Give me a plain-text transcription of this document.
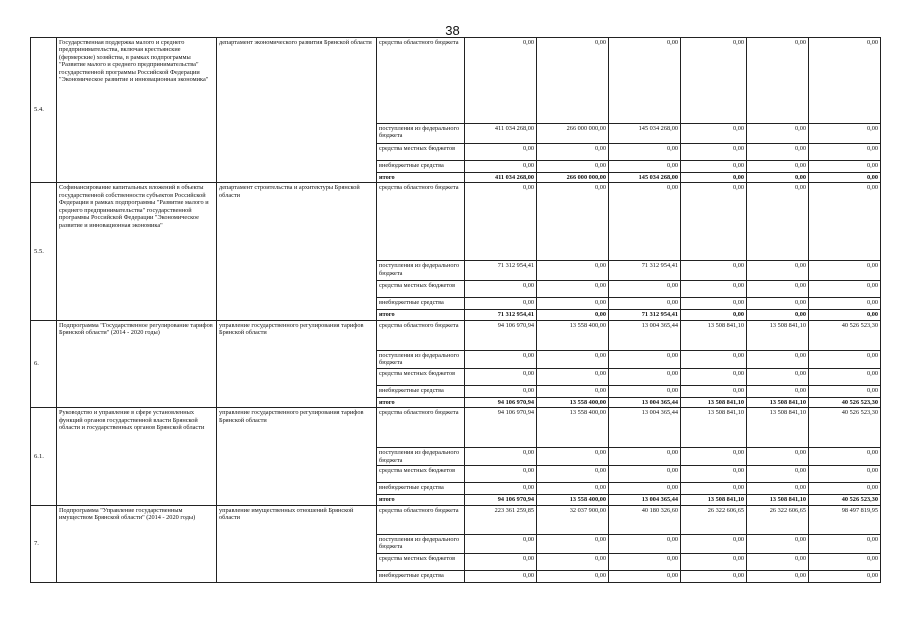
38
5.4.	Государственная поддержка малого и среднего предпринимательства, включая крестьянские (фермерские) хозяйства, в рамках подпрограммы "Развитие малого и среднего предпринимательства" государственной программы Российской Федерации "Экономическое развитие и инновационная экономика"	департамент экономического развития Брянской области	средства областного бюджета	0,00	0,00	0,00	0,00	0,00	0,00
			поступления из федерального бюджета	411 034 268,00	266 000 000,00	145 034 268,00	0,00	0,00	0,00
			средства местных бюджетов	0,00	0,00	0,00	0,00	0,00	0,00
			внебюджетные средства	0,00	0,00	0,00	0,00	0,00	0,00
			итого	411 034 268,00	266 000 000,00	145 034 268,00	0,00	0,00	0,00
5.5.	Софинансирование капитальных вложений в объекты государственной собственности субъектов Российской Федерации в рамках подпрограммы "Развитие малого и среднего предпринимательства" государственной программы Российской Федерации "Экономическое развитие и инновационная экономика"	департамент строительства и архитектуры Брянской области	средства областного бюджета	0,00	0,00	0,00	0,00	0,00	0,00
			поступления из федерального бюджета	71 312 954,41	0,00	71 312 954,41	0,00	0,00	0,00
			средства местных бюджетов	0,00	0,00	0,00	0,00	0,00	0,00
			внебюджетные средства	0,00	0,00	0,00	0,00	0,00	0,00
			итого	71 312 954,41	0,00	71 312 954,41	0,00	0,00	0,00
6.	Подпрограмма "Государственное регулирование тарифов Брянской области" (2014 - 2020 годы)	управление государственного регулирования тарифов Брянской области	средства областного бюджета	94 106 970,94	13 558 400,00	13 004 365,44	13 508 841,10	13 508 841,10	40 526 523,30
			поступления из федерального бюджета	0,00	0,00	0,00	0,00	0,00	0,00
			средства местных бюджетов	0,00	0,00	0,00	0,00	0,00	0,00
			внебюджетные средства	0,00	0,00	0,00	0,00	0,00	0,00
			итого	94 106 970,94	13 558 400,00	13 004 365,44	13 508 841,10	13 508 841,10	40 526 523,30
6.1.	Руководство и управление в сфере установленных функций органов государственной власти Брянской области и государственных органов Брянской области	управление государственного регулирования тарифов Брянской области	средства областного бюджета	94 106 970,94	13 558 400,00	13 004 365,44	13 508 841,10	13 508 841,10	40 526 523,30
			поступления из федерального бюджета	0,00	0,00	0,00	0,00	0,00	0,00
			средства местных бюджетов	0,00	0,00	0,00	0,00	0,00	0,00
			внебюджетные средства	0,00	0,00	0,00	0,00	0,00	0,00
			итого	94 106 970,94	13 558 400,00	13 004 365,44	13 508 841,10	13 508 841,10	40 526 523,30
7.	Подпрограмма "Управление государственным имуществом Брянской области" (2014 - 2020 годы)	управление имущественных отношений Брянской области	средства областного бюджета	223 361 259,85	32 037 900,00	40 180 326,60	26 322 606,65	26 322 606,65	98 497 819,95
			поступления из федерального бюджета	0,00	0,00	0,00	0,00	0,00	0,00
			средства местных бюджетов	0,00	0,00	0,00	0,00	0,00	0,00
			внебюджетные средства	0,00	0,00	0,00	0,00	0,00	0,00
